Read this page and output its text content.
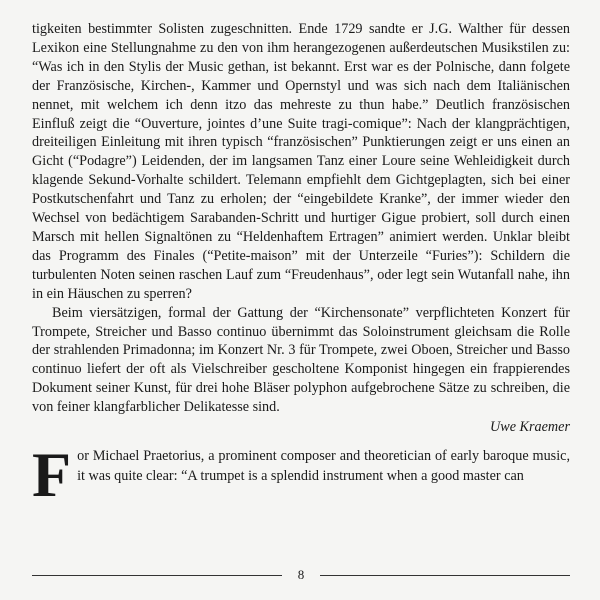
tigkeiten bestimmter Solisten zugeschnitten. Ende 1729 sandte er J.G. Walther für dessen Lexikon eine Stellungnahme zu den von ihm herangezogenen außerdeutschen Musikstilen zu: “Was ich in den Stylis der Music gethan, ist bekannt. Erst war es der Polnische, dann folgete der Französische, Kirchen-, Kammer und Opernstyl und was sich nach dem Italiänischen nennet, mit welchem ich denn itzo das mehreste zu thun habe.” Deutlich französischen Einfluß zeigt die “Ouverture, jointes d’une Suite tragi-comique”: Nach der klangprächtigen, dreiteiligen Einleitung mit ihren typisch “französischen” Punktierungen zeigt er uns einen an Gicht (“Podagre”) Leidenden, der im langsamen Tanz einer Loure seine Wehleidigkeit durch klagende Sekund-Vorhalte schildert. Telemann empfiehlt dem Gichtgeplagten, sich bei einer Postkutschenfahrt und Tanz zu erholen; der “eingebildete Kranke”, der immer wieder den Wechsel von bedächtigem Sarabanden-Schritt und hurtiger Gigue probiert, soll durch einen Marsch mit hellen Signaltönen zu “Heldenhaftem Ertragen” animiert werden. Unklar bleibt das Programm des Finales (“Petite-maison” mit der Unterzeile “Furies”): Schildern die turbulenten Noten seinen raschen Lauf zum “Freudenhaus”, oder legt sein Wutanfall nahe, ihn in ein Häuschen zu sperren?

Beim viersätzigen, formal der Gattung der “Kirchensonate” verpflichteten Konzert für Trompete, Streicher und Basso continuo übernimmt das Soloinstrument gleichsam die Rolle der strahlenden Primadonna; im Konzert Nr. 3 für Trompete, zwei Oboen, Streicher und Basso continuo liefert der oft als Vielschreiber gescholtene Komponist hingegen ein frappierendes Dokument seiner Kunst, für drei hohe Bläser polyphon aufgebrochene Sätze zu schreiben, die von feiner klangfarblicher Delikatesse sind.

Uwe Kraemer

F or Michael Praetorius, a prominent composer and theoretician of early baroque music, it was quite clear: “A trumpet is a splendid instrument when a good master can

8
